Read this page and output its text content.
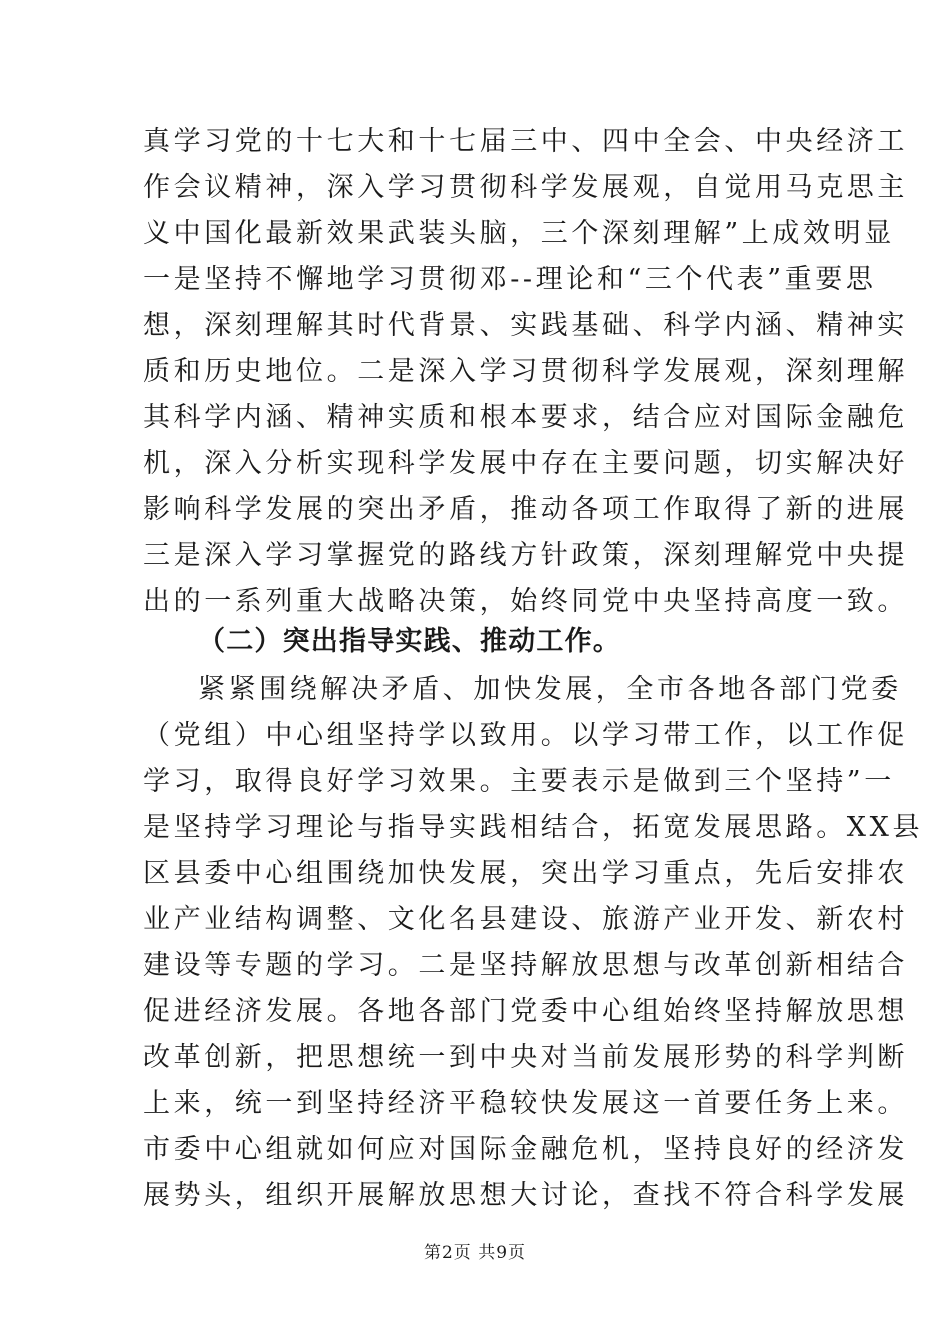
真学习党的十七大和十七届三中、四中全会、中央经济工
作会议精神，深入学习贯彻科学发展观，自觉用马克思主
义中国化最新效果武装头脑，三个深刻理解”上成效明显
一是坚持不懈地学习贯彻邓--理论和“三个代表”重要思
想，深刻理解其时代背景、实践基础、科学内涵、精神实
质和历史地位。二是深入学习贯彻科学发展观，深刻理解
其科学内涵、精神实质和根本要求，结合应对国际金融危
机，深入分析实现科学发展中存在主要问题，切实解决好
影响科学发展的突出矛盾，推动各项工作取得了新的进展
三是深入学习掌握党的路线方针政策，深刻理解党中央提
出的一系列重大战略决策，始终同党中央坚持高度一致。
（二）突出指导实践、推动工作。
紧紧围绕解决矛盾、加快发展，全市各地各部门党委
（党组）中心组坚持学以致用。以学习带工作，以工作促
学习，取得良好学习效果。主要表示是做到三个坚持”一
是坚持学习理论与指导实践相结合，拓宽发展思路。XX县
区县委中心组围绕加快发展，突出学习重点，先后安排农
业产业结构调整、文化名县建设、旅游产业开发、新农村
建设等专题的学习。二是坚持解放思想与改革创新相结合
促进经济发展。各地各部门党委中心组始终坚持解放思想
改革创新，把思想统一到中央对当前发展形势的科学判断
上来，统一到坚持经济平稳较快发展这一首要任务上来。
市委中心组就如何应对国际金融危机，坚持良好的经济发
展势头，组织开展解放思想大讨论，查找不符合科学发展
第2页 共9页
